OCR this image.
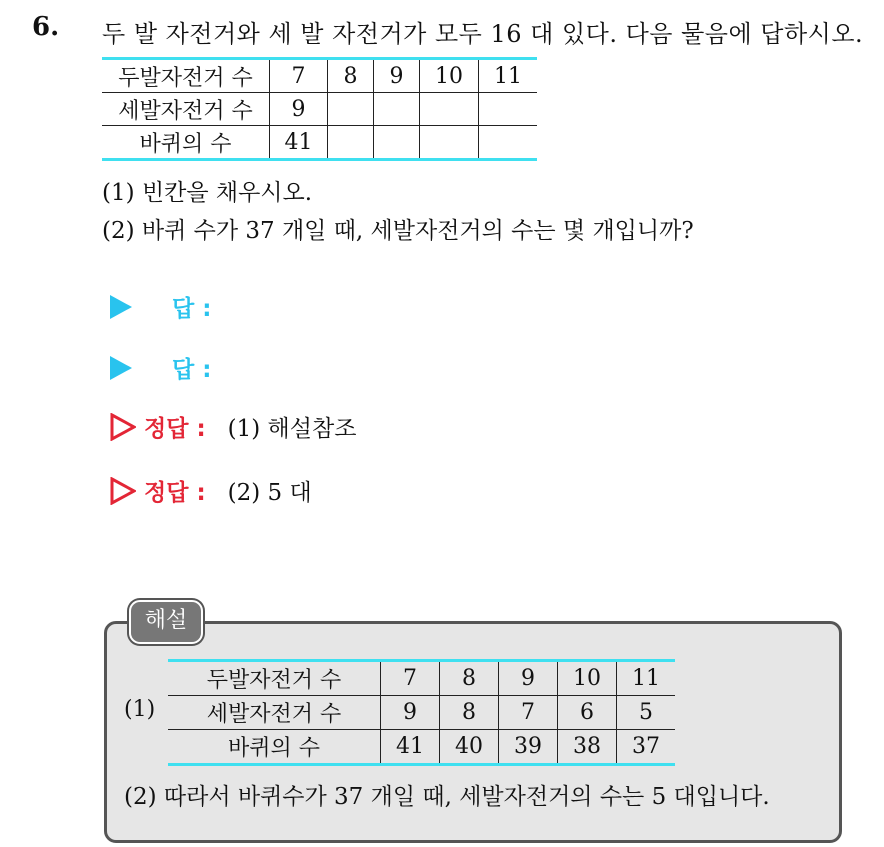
6. 두 발 자전거와 세 발 자전거가 모두 16 대 있다. 다음 물음에 답하시오.
두발자전거 수	7	8	9	10	11
세발자전거 수	9				
바퀴의 수	41				
(1) 빈칸을 채우시오.
(2) 바퀴 수가 37 개일 때, 세발자전거의 수는 몇 개입니까?
답 :
답 :
정답 : (1) 해설참조
정답 : (2) 5 대
해설
(1)
두발자전거 수	7	8	9	10	11
세발자전거 수	9	8	7	6	5
바퀴의 수	41	40	39	38	37
(2) 따라서 바퀴수가 37 개일 때, 세발자전거의 수는 5 대입니다.
